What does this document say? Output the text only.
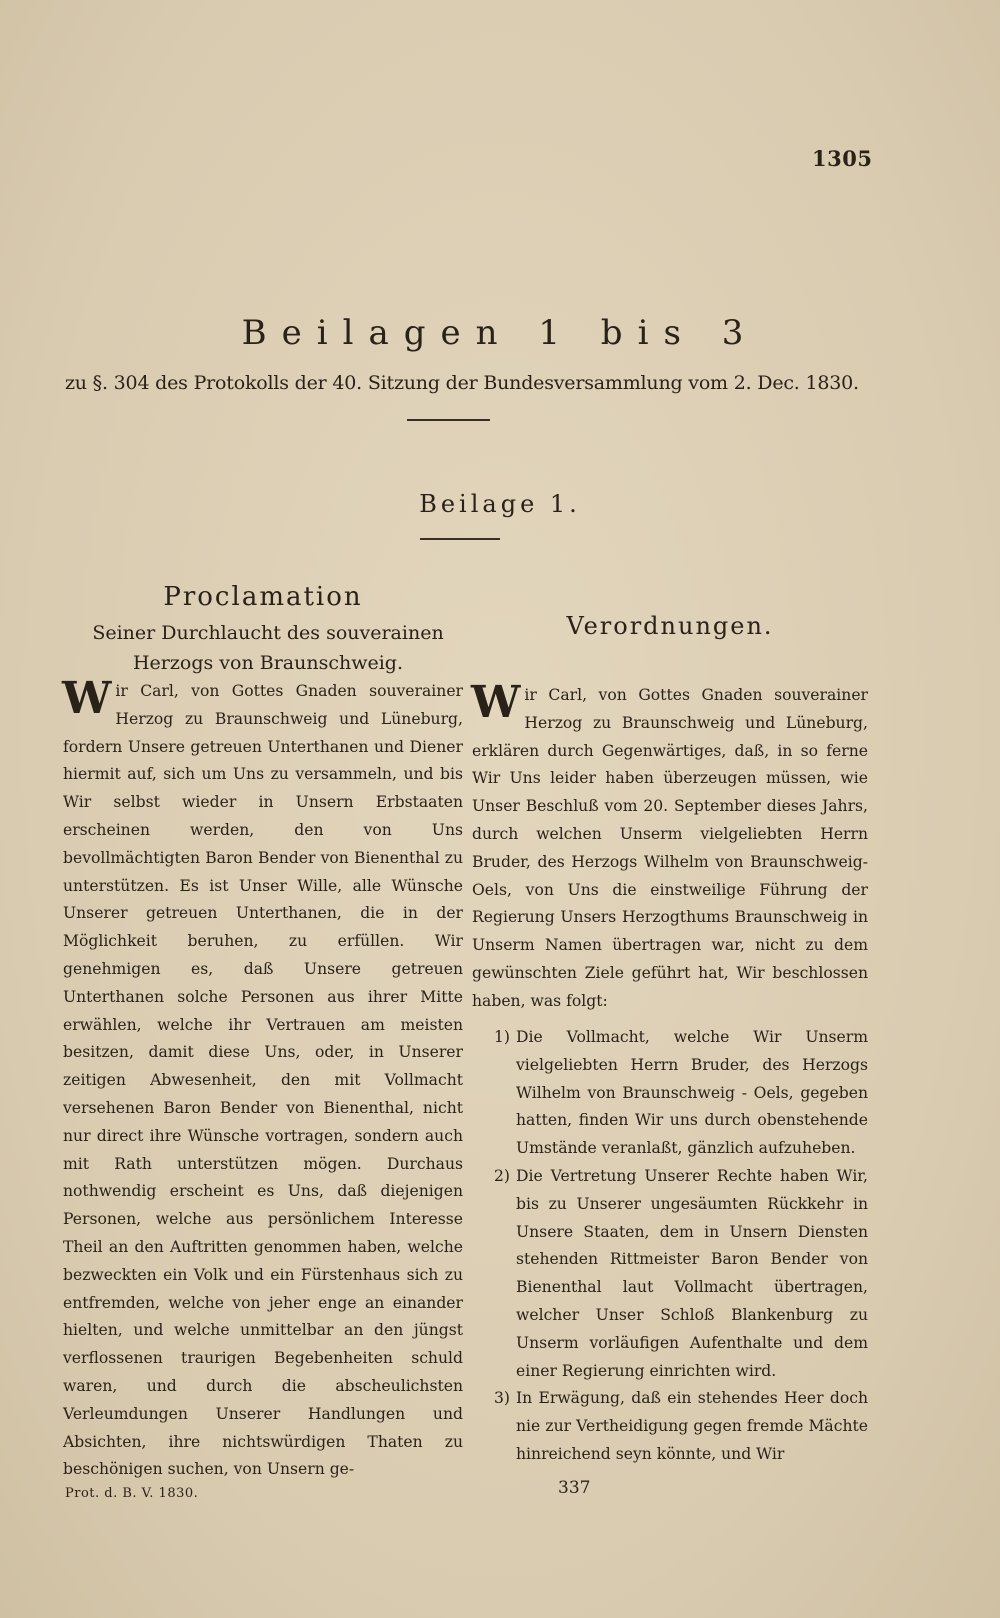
1305
Beilagen 1 bis 3
zu §. 304 des Protokolls der 40. Sitzung der Bundesversammlung vom 2. Dec. 1830.
Beilage 1.
Proclamation
Seiner Durchlaucht des souverainen Herzogs von Braunschweig.
Wir Carl, von Gottes Gnaden souverainer Herzog zu Braunschweig und Lüneburg, fordern Unsere getreuen Unterthanen und Diener hiermit auf, sich um Uns zu versammeln, und bis Wir selbst wieder in Unsern Erbstaaten erscheinen werden, den von Uns bevollmächtigten Baron Bender von Bienenthal zu unterstützen. Es ist Unser Wille, alle Wünsche Unserer getreuen Unterthanen, die in der Möglichkeit beruhen, zu erfüllen. Wir genehmigen es, daß Unsere getreuen Unterthanen solche Personen aus ihrer Mitte erwählen, welche ihr Vertrauen am meisten besitzen, damit diese Uns, oder, in Unserer zeitigen Abwesenheit, den mit Vollmacht versehenen Baron Bender von Bienenthal, nicht nur direct ihre Wünsche vortragen, sondern auch mit Rath unterstützen mögen. Durchaus nothwendig erscheint es Uns, daß diejenigen Personen, welche aus persönlichem Interesse Theil an den Auftritten genommen haben, welche bezweckten ein Volk und ein Fürstenhaus sich zu entfremden, welche von jeher enge an einander hielten, und welche unmittelbar an den jüngst verflossenen traurigen Begebenheiten schuld waren, und durch die abscheulichsten Verleumdungen Unserer Handlungen und Absichten, ihre nichtswürdigen Thaten zu beschönigen suchen, von Unsern ge-
Verordnungen.
Wir Carl, von Gottes Gnaden souverainer Herzog zu Braunschweig und Lüneburg, erklären durch Gegenwärtiges, daß, in so ferne Wir Uns leider haben überzeugen müssen, wie Unser Beschluß vom 20. September dieses Jahrs, durch welchen Unserm vielgeliebten Herrn Bruder, des Herzogs Wilhelm von Braunschweig-Oels, von Uns die einstweilige Führung der Regierung Unsers Herzogthums Braunschweig in Unserm Namen übertragen war, nicht zu dem gewünschten Ziele geführt hat, Wir beschlossen haben, was folgt:
1) Die Vollmacht, welche Wir Unserm vielgeliebten Herrn Bruder, des Herzogs Wilhelm von Braunschweig - Oels, gegeben hatten, finden Wir uns durch obenstehende Umstände veranlaßt, gänzlich aufzuheben.
2) Die Vertretung Unserer Rechte haben Wir, bis zu Unserer ungesäumten Rückkehr in Unsere Staaten, dem in Unsern Diensten stehenden Rittmeister Baron Bender von Bienenthal laut Vollmacht übertragen, welcher Unser Schloß Blankenburg zu Unserm vorläufigen Aufenthalte und dem einer Regierung einrichten wird.
3) In Erwägung, daß ein stehendes Heer doch nie zur Vertheidigung gegen fremde Mächte hinreichend seyn könnte, und Wir
Prot. d. B. V. 1830.	337
